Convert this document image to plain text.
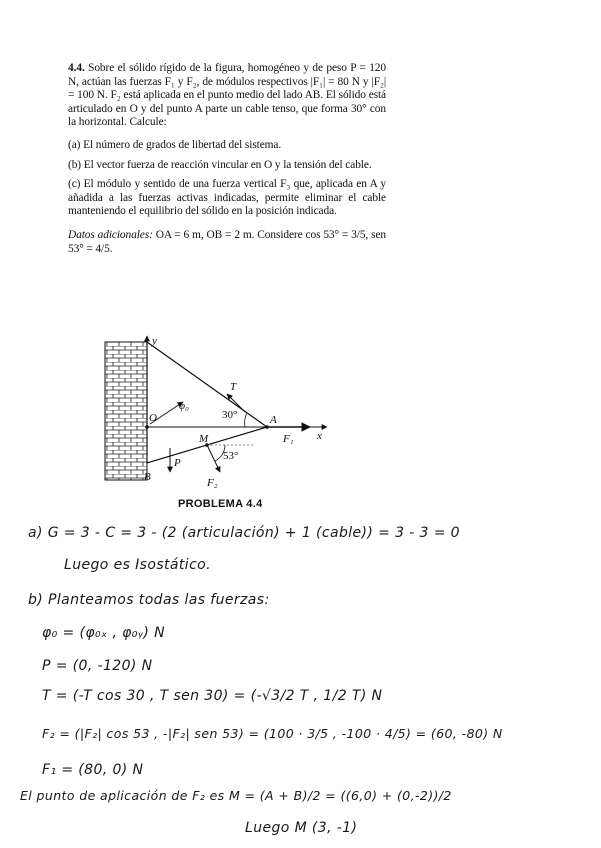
4.4. Sobre el sólido rígido de la figura, homogéneo y de peso P = 120 N, actúan las fuerzas F₁ y F₂, de módulos respectivos |F₁| = 80 N y |F₂| = 100 N. F₂ está aplicada en el punto medio del lado AB. El sólido está articulado en O y del punto A parte un cable tenso, que forma 30° con la horizontal. Calcule:

(a) El número de grados de libertad del sistema.

(b) El vector fuerza de reacción vincular en O y la tensión del cable.

(c) El módulo y sentido de una fuerza vertical F₃ que, aplicada en A y añadida a las fuerzas activas indicadas, permite eliminar el cable manteniendo el equilibrio del sólido en la posición indicada.

Datos adicionales: OA = 6 m, OB = 2 m. Considere cos 53° = 3/5, sen 53° = 4/5.

y
x
O	A
B
M
T
φ₀
P
F₁
F₂
30°
53°
PROBLEMA 4.4
a) G = 3 - C = 3 - (2 (articulación) + 1 (cable)) = 3 - 3 = 0
Luego es Isostático.
b) Planteamos todas las fuerzas:
φ₀ = (φ₀ₓ , φ₀ᵧ) N
P = (0, -120) N
T = (-T cos 30 , T sen 30) = (-√3/2 T , 1/2 T) N
F₂ = (|F₂| cos 53 , -|F₂| sen 53) = (100 · 3/5 , -100 · 4/5) = (60, -80) N
F₁ = (80, 0) N
El punto de aplicación de F₂ es M = (A + B)/2 = ((6,0) + (0,-2))/2
Luego M (3, -1)
